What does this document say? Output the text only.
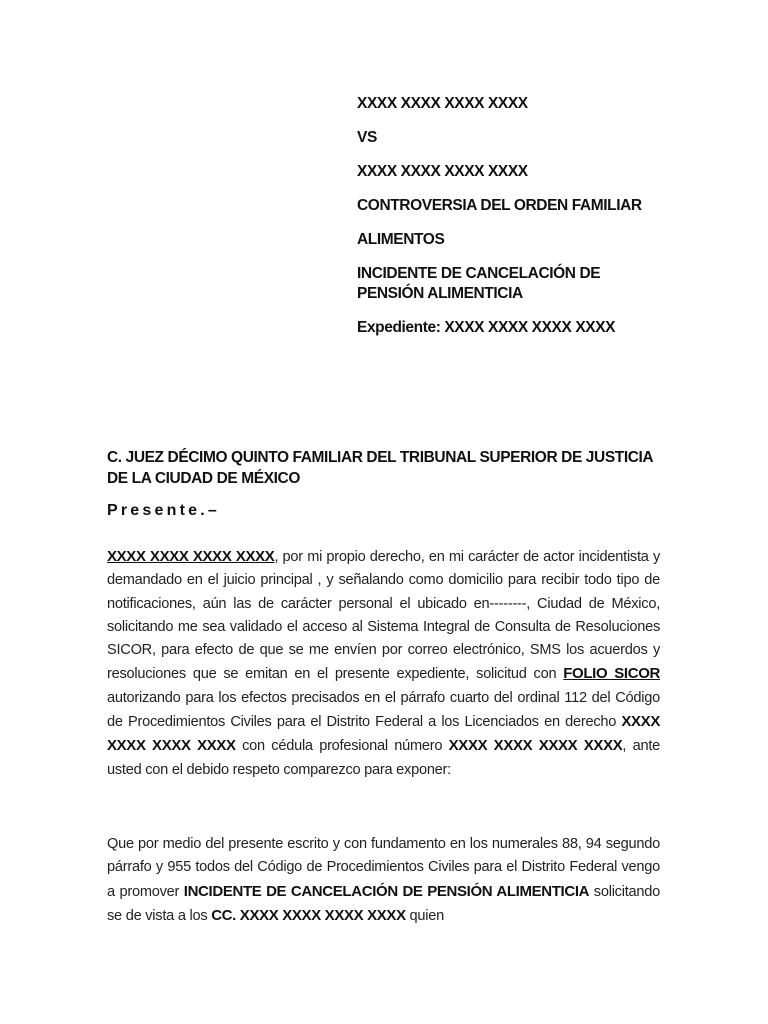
XXXX XXXX XXXX XXXX
VS
XXXX XXXX XXXX XXXX
CONTROVERSIA DEL ORDEN FAMILIAR
ALIMENTOS
INCIDENTE DE CANCELACIÓN DE PENSIÓN ALIMENTICIA
Expediente: XXXX XXXX XXXX XXXX
C. JUEZ DÉCIMO QUINTO FAMILIAR DEL TRIBUNAL SUPERIOR DE JUSTICIA DE LA CIUDAD DE MÉXICO
Presente.–
XXXX XXXX XXXX XXXX, por mi propio derecho, en mi carácter de actor incidentista y demandado en el juicio principal , y señalando como domicilio para recibir todo tipo de notificaciones, aún las de carácter personal el ubicado en--------, Ciudad de México, solicitando me sea validado el acceso al Sistema Integral de Consulta de Resoluciones SICOR, para efecto de que se me envíen por correo electrónico, SMS los acuerdos y resoluciones que se emitan en el presente expediente, solicitud con FOLIO SICOR autorizando para los efectos precisados en el párrafo cuarto del ordinal 112 del Código de Procedimientos Civiles para el Distrito Federal a los Licenciados en derecho XXXX XXXX XXXX XXXX con cédula profesional número XXXX XXXX XXXX XXXX, ante usted con el debido respeto comparezco para exponer:
Que por medio del presente escrito y con fundamento en los numerales 88, 94 segundo párrafo y 955 todos del Código de Procedimientos Civiles para el Distrito Federal vengo a promover INCIDENTE DE CANCELACIÓN DE PENSIÓN ALIMENTICIA solicitando se de vista a los CC. XXXX XXXX XXXX XXXX quien
